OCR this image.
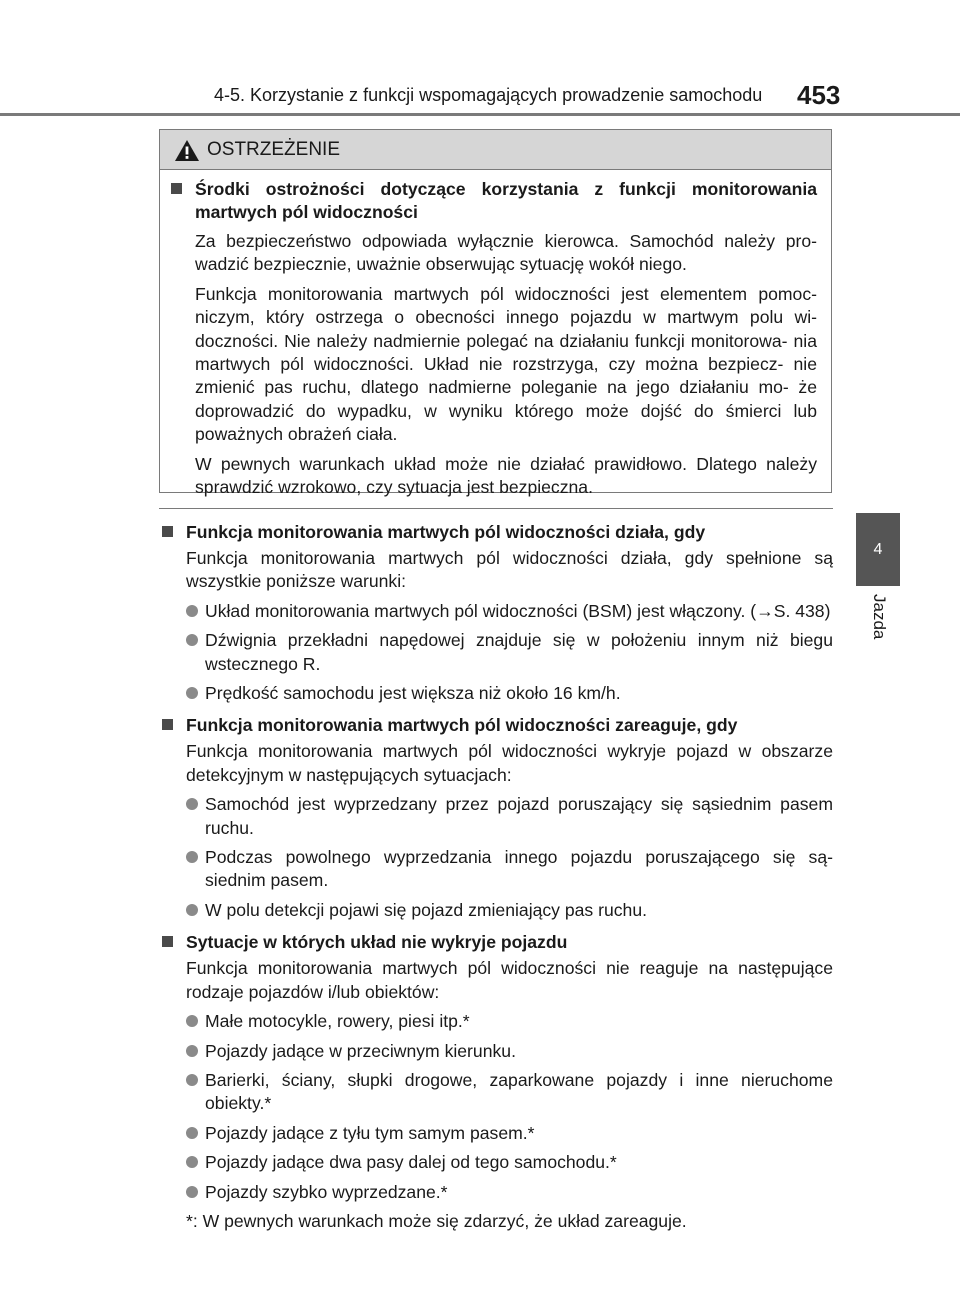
4-5. Korzystanie z funkcji wspomagających prowadzenie samochodu 453
4
Jazda
OSTRZEŻENIE
Środki ostrożności dotyczące korzystania z funkcji monitorowania martwych pól widoczności
Za bezpieczeństwo odpowiada wyłącznie kierowca. Samochód należy pro- wadzić bezpiecznie, uważnie obserwując sytuację wokół niego.
Funkcja monitorowania martwych pól widoczności jest elementem pomoc- niczym, który ostrzega o obecności innego pojazdu w martwym polu wi- doczności. Nie należy nadmiernie polegać na działaniu funkcji monitorowa- nia martwych pól widoczności. Układ nie rozstrzyga, czy można bezpiecz- nie zmienić pas ruchu, dlatego nadmierne poleganie na jego działaniu mo- że doprowadzić do wypadku, w wyniku którego może dojść do śmierci lub poważnych obrażeń ciała.
W pewnych warunkach układ może nie działać prawidłowo. Dlatego należy sprawdzić wzrokowo, czy sytuacja jest bezpieczna.
Funkcja monitorowania martwych pól widoczności działa, gdy
Funkcja monitorowania martwych pól widoczności działa, gdy spełnione są wszystkie poniższe warunki:
Układ monitorowania martwych pól widoczności (BSM) jest włączony. (→S. 438)
Dźwignia przekładni napędowej znajduje się w położeniu innym niż biegu wstecznego R.
Prędkość samochodu jest większa niż około 16 km/h.
Funkcja monitorowania martwych pól widoczności zareaguje, gdy
Funkcja monitorowania martwych pól widoczności wykryje pojazd w obszarze detekcyjnym w następujących sytuacjach:
Samochód jest wyprzedzany przez pojazd poruszający się sąsiednim pasem ruchu.
Podczas powolnego wyprzedzania innego pojazdu poruszającego się są- siednim pasem.
W polu detekcji pojawi się pojazd zmieniający pas ruchu.
Sytuacje w których układ nie wykryje pojazdu
Funkcja monitorowania martwych pól widoczności nie reaguje na następujące rodzaje pojazdów i/lub obiektów:
Małe motocykle, rowery, piesi itp.*
Pojazdy jadące w przeciwnym kierunku.
Barierki, ściany, słupki drogowe, zaparkowane pojazdy i inne nieruchome obiekty.*
Pojazdy jadące z tyłu tym samym pasem.*
Pojazdy jadące dwa pasy dalej od tego samochodu.*
Pojazdy szybko wyprzedzane.*
*: W pewnych warunkach może się zdarzyć, że układ zareaguje.
